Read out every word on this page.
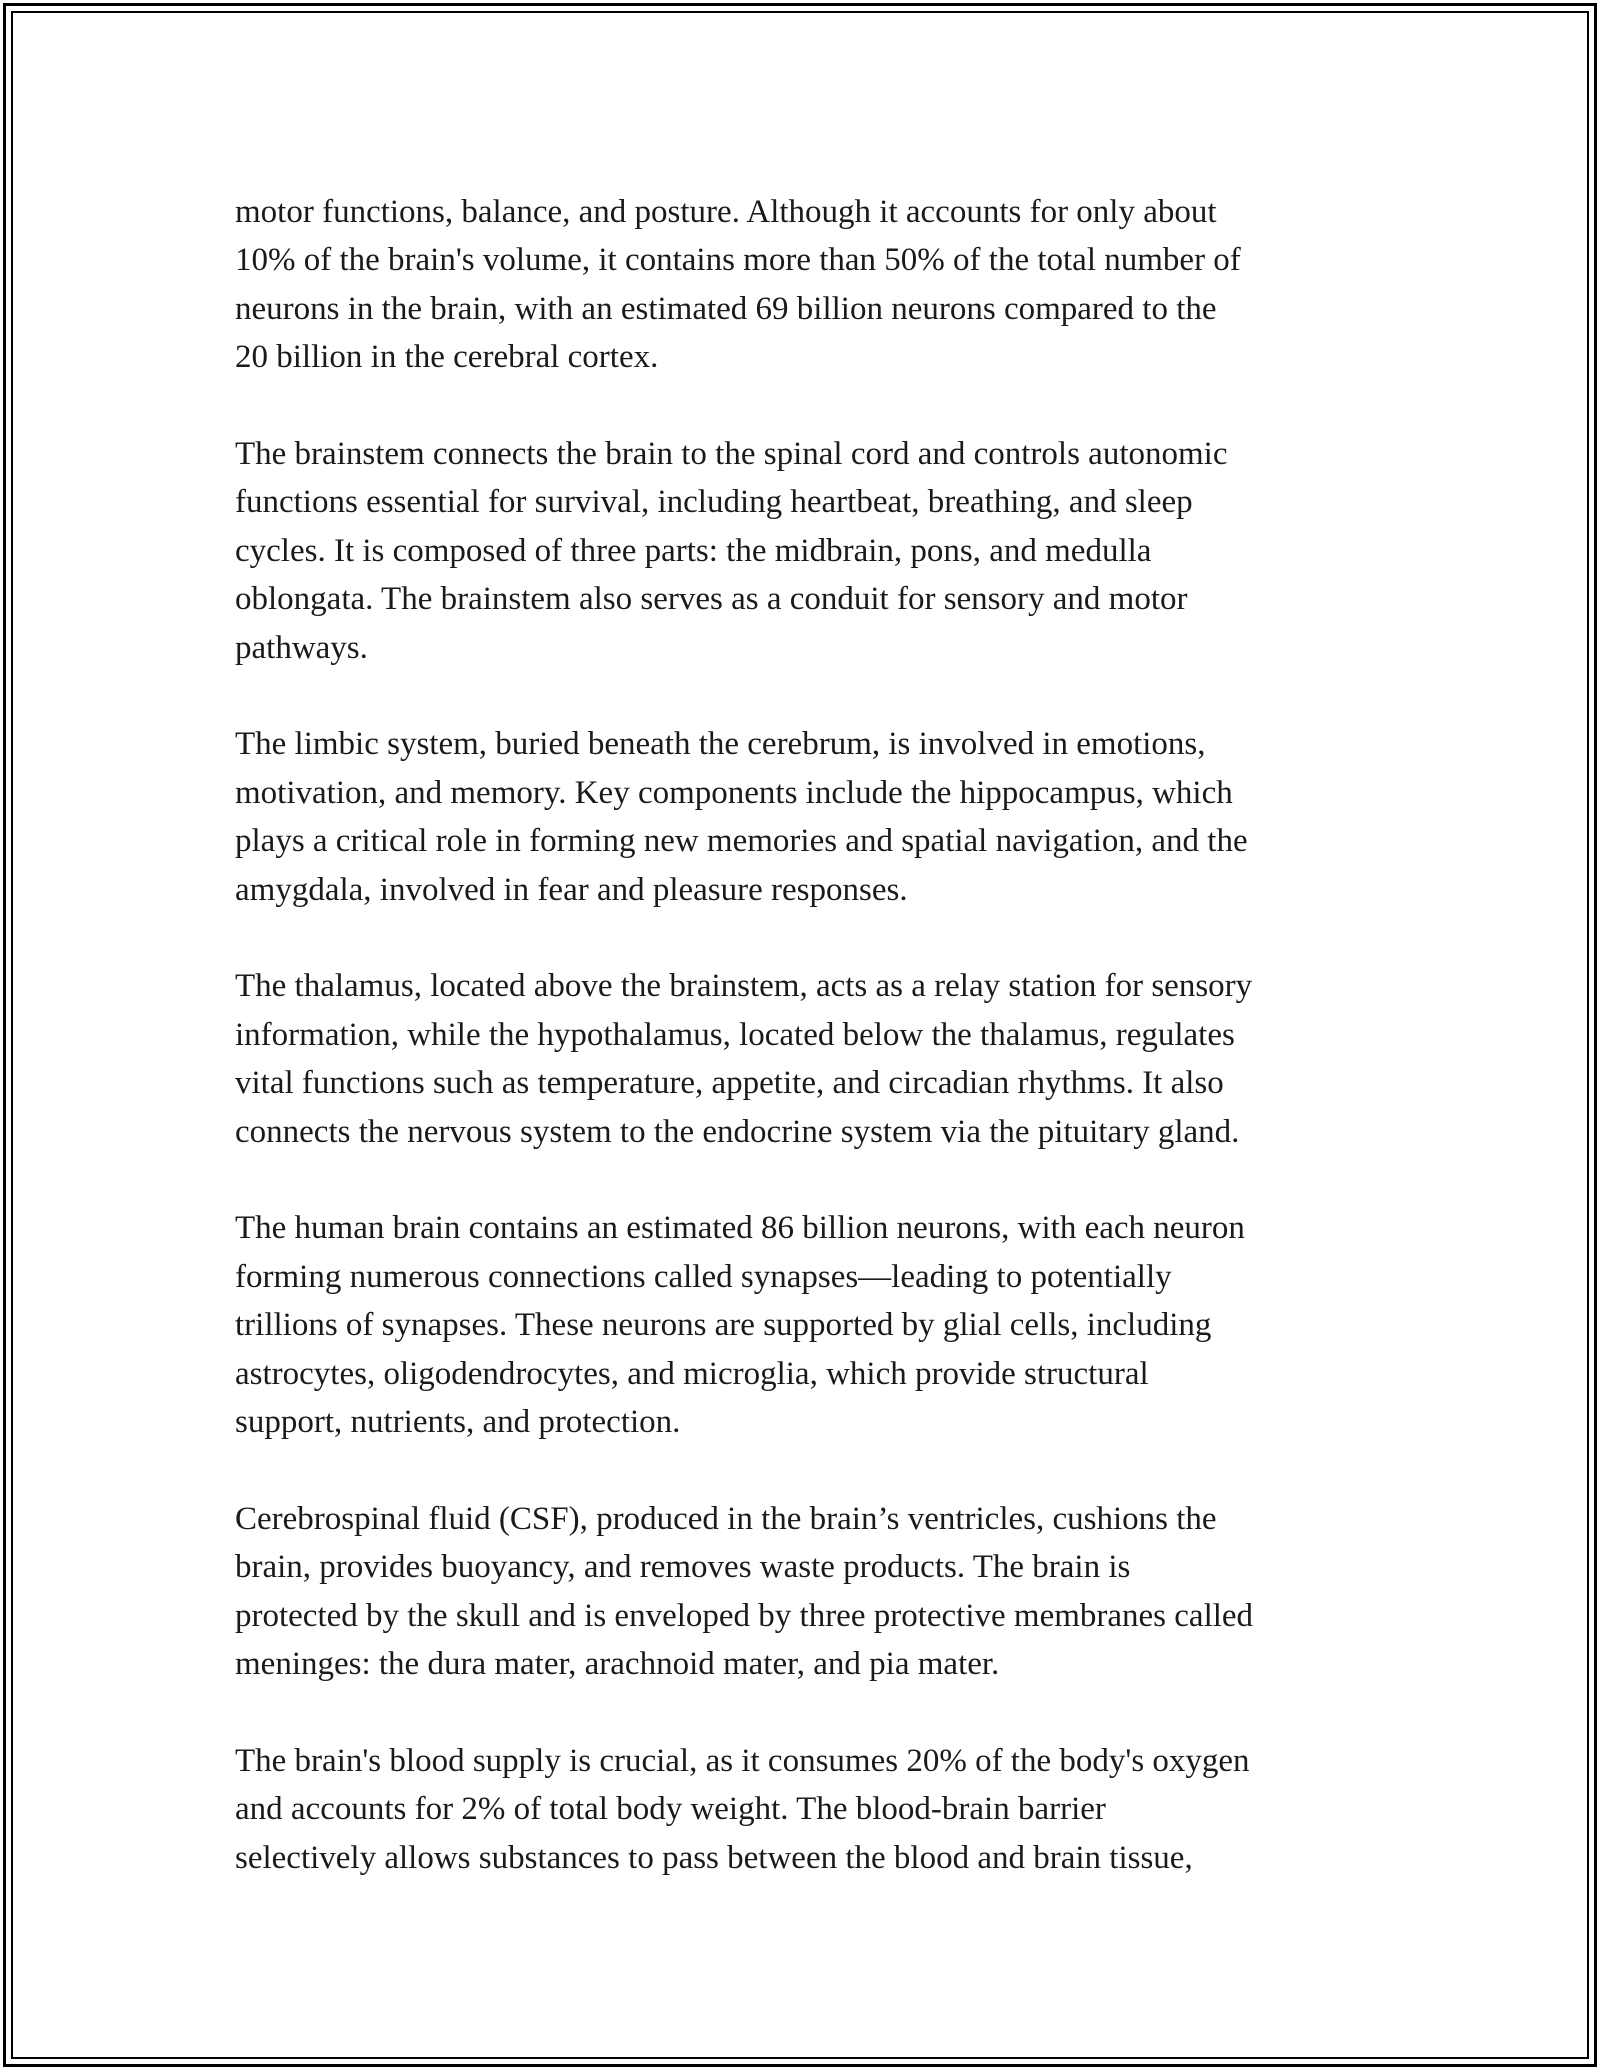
motor functions, balance, and posture. Although it accounts for only about
10% of the brain's volume, it contains more than 50% of the total number of
neurons in the brain, with an estimated 69 billion neurons compared to the
20 billion in the cerebral cortex.

The brainstem connects the brain to the spinal cord and controls autonomic
functions essential for survival, including heartbeat, breathing, and sleep
cycles. It is composed of three parts: the midbrain, pons, and medulla
oblongata. The brainstem also serves as a conduit for sensory and motor
pathways.

The limbic system, buried beneath the cerebrum, is involved in emotions,
motivation, and memory. Key components include the hippocampus, which
plays a critical role in forming new memories and spatial navigation, and the
amygdala, involved in fear and pleasure responses.

The thalamus, located above the brainstem, acts as a relay station for sensory
information, while the hypothalamus, located below the thalamus, regulates
vital functions such as temperature, appetite, and circadian rhythms. It also
connects the nervous system to the endocrine system via the pituitary gland.

The human brain contains an estimated 86 billion neurons, with each neuron
forming numerous connections called synapses—leading to potentially
trillions of synapses. These neurons are supported by glial cells, including
astrocytes, oligodendrocytes, and microglia, which provide structural
support, nutrients, and protection.

Cerebrospinal fluid (CSF), produced in the brain’s ventricles, cushions the
brain, provides buoyancy, and removes waste products. The brain is
protected by the skull and is enveloped by three protective membranes called
meninges: the dura mater, arachnoid mater, and pia mater.

The brain's blood supply is crucial, as it consumes 20% of the body's oxygen
and accounts for 2% of total body weight. The blood-brain barrier
selectively allows substances to pass between the blood and brain tissue,
